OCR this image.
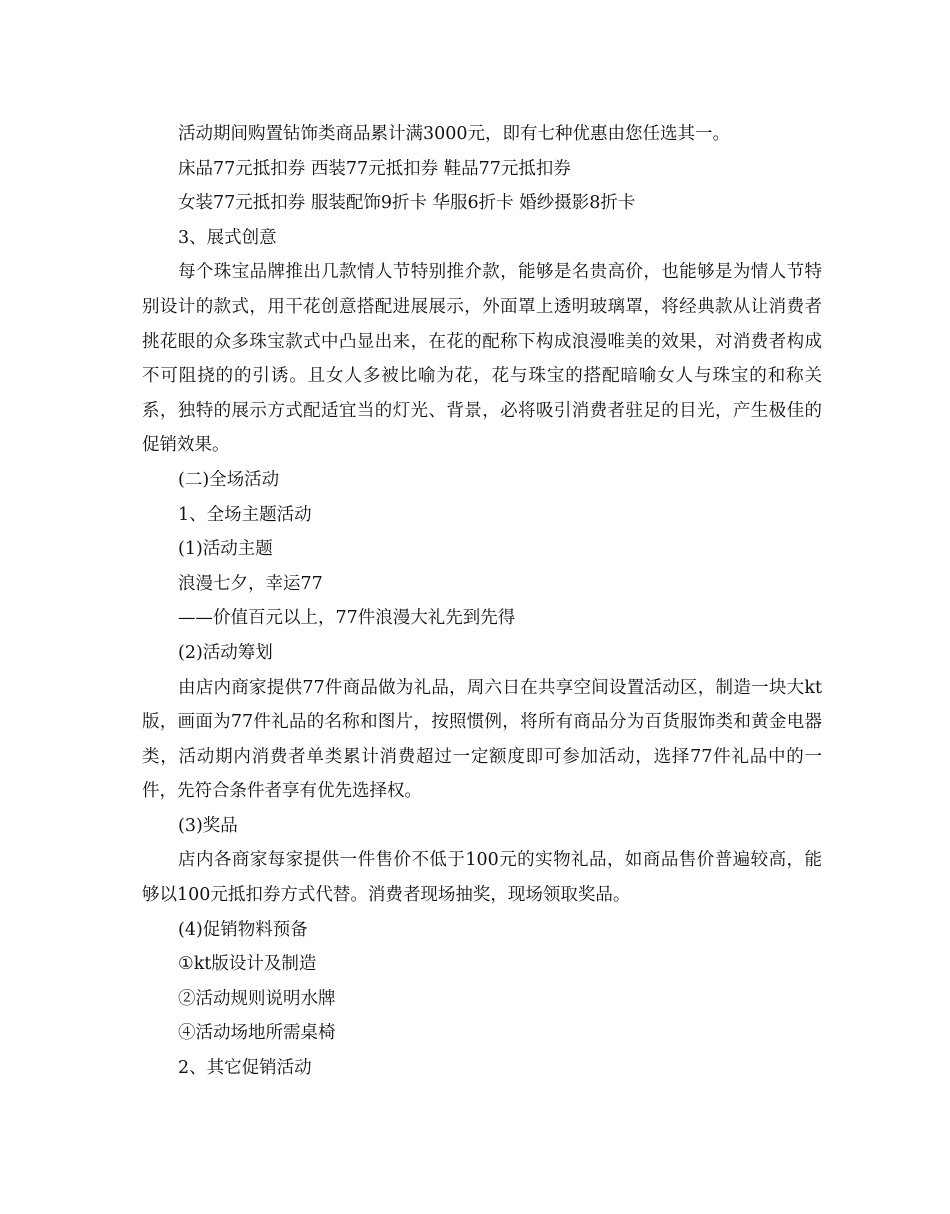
活动期间购置钻饰类商品累计满3000元，即有七种优惠由您任选其一。

床品77元抵扣券 西装77元抵扣券 鞋品77元抵扣券

女装77元抵扣券 服装配饰9折卡 华服6折卡 婚纱摄影8折卡

3、展式创意

每个珠宝品牌推出几款情人节特别推介款，能够是名贵高价，也能够是为情人节特别设计的款式，用干花创意搭配进展展示，外面罩上透明玻璃罩，将经典款从让消费者挑花眼的众多珠宝款式中凸显出来，在花的配称下构成浪漫唯美的效果，对消费者构成不可阻挠的的引诱。且女人多被比喻为花，花与珠宝的搭配暗喻女人与珠宝的和称关系，独特的展示方式配适宜当的灯光、背景，必将吸引消费者驻足的目光，产生极佳的促销效果。

(二)全场活动

1、全场主题活动

(1)活动主题

浪漫七夕，幸运77

——价值百元以上，77件浪漫大礼先到先得

(2)活动筹划

由店内商家提供77件商品做为礼品，周六日在共享空间设置活动区，制造一块大kt版，画面为77件礼品的名称和图片，按照惯例，将所有商品分为百货服饰类和黄金电器类，活动期内消费者单类累计消费超过一定额度即可参加活动，选择77件礼品中的一件，先符合条件者享有优先选择权。

(3)奖品

店内各商家每家提供一件售价不低于100元的实物礼品，如商品售价普遍较高，能够以100元抵扣券方式代替。消费者现场抽奖，现场领取奖品。

(4)促销物料预备

①kt版设计及制造

②活动规则说明水牌

④活动场地所需桌椅

2、其它促销活动
